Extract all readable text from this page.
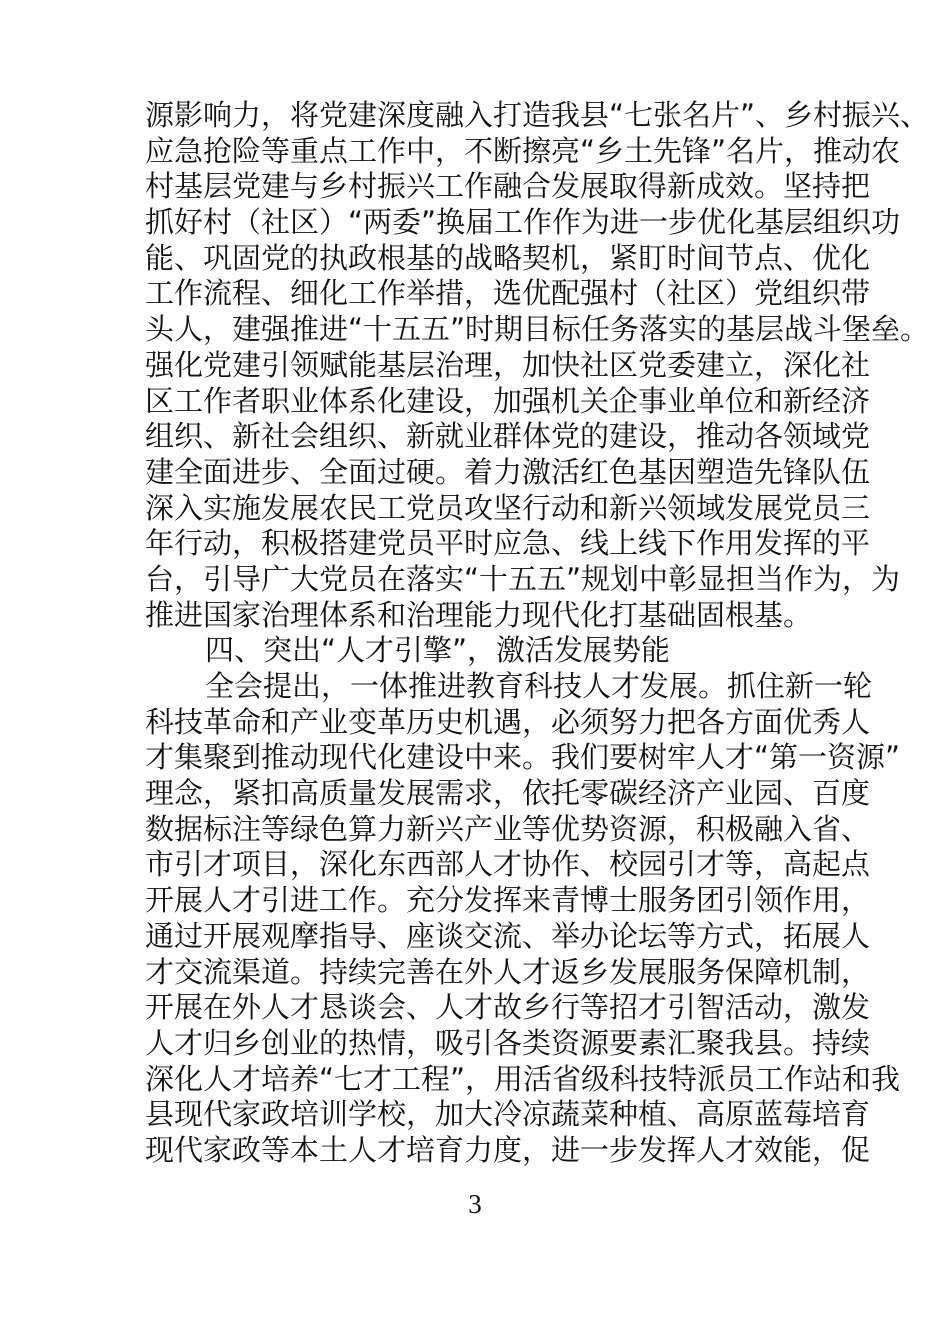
源影响力，将党建深度融入打造我县“七张名片”、乡村振兴、
应急抢险等重点工作中，不断擦亮“乡土先锋”名片，推动农
村基层党建与乡村振兴工作融合发展取得新成效。坚持把
抓好村（社区）“两委”换届工作作为进一步优化基层组织功
能、巩固党的执政根基的战略契机，紧盯时间节点、优化
工作流程、细化工作举措，选优配强村（社区）党组织带
头人，建强推进“十五五”时期目标任务落实的基层战斗堡垒。
强化党建引领赋能基层治理，加快社区党委建立，深化社
区工作者职业体系化建设，加强机关企事业单位和新经济
组织、新社会组织、新就业群体党的建设，推动各领域党
建全面进步、全面过硬。着力激活红色基因塑造先锋队伍
深入实施发展农民工党员攻坚行动和新兴领域发展党员三
年行动，积极搭建党员平时应急、线上线下作用发挥的平
台，引导广大党员在落实“十五五”规划中彰显担当作为，为
推进国家治理体系和治理能力现代化打基础固根基。
四、突出“人才引擎”，激活发展势能
全会提出，一体推进教育科技人才发展。抓住新一轮
科技革命和产业变革历史机遇，必须努力把各方面优秀人
才集聚到推动现代化建设中来。我们要树牢人才“第一资源”
理念，紧扣高质量发展需求，依托零碳经济产业园、百度
数据标注等绿色算力新兴产业等优势资源，积极融入省、
市引才项目，深化东西部人才协作、校园引才等，高起点
开展人才引进工作。充分发挥来青博士服务团引领作用，
通过开展观摩指导、座谈交流、举办论坛等方式，拓展人
才交流渠道。持续完善在外人才返乡发展服务保障机制，
开展在外人才恳谈会、人才故乡行等招才引智活动，激发
人才归乡创业的热情，吸引各类资源要素汇聚我县。持续
深化人才培养“七才工程”，用活省级科技特派员工作站和我
县现代家政培训学校，加大冷凉蔬菜种植、高原蓝莓培育
现代家政等本土人才培育力度，进一步发挥人才效能，促
3
